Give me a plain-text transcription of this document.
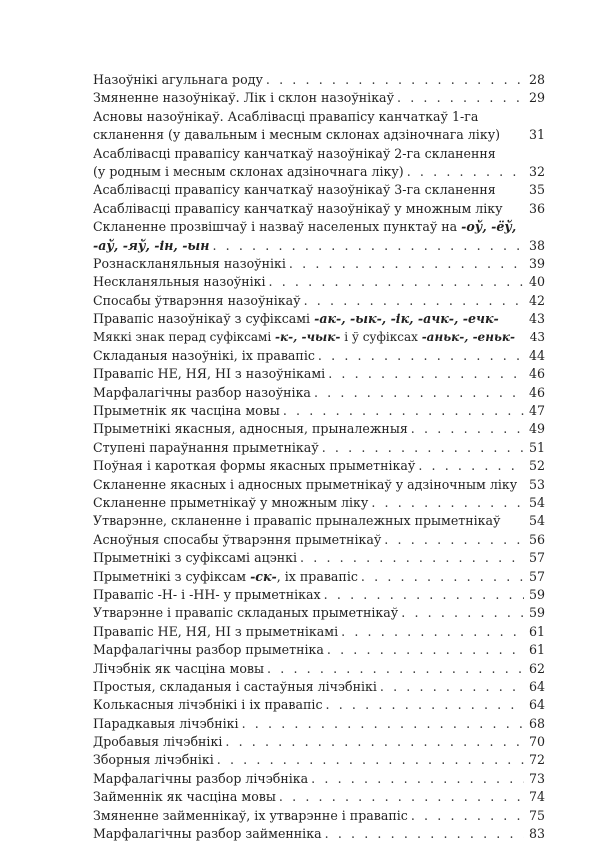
Назоўнікі агульнага роду . . .	28
Змяненне назоўнікаў. Лік і склон назоўнікаў . . .	29
Асновы назоўнікаў. Асаблівасці правапісу канчаткаў 1-га
скланення (у давальным і месным склонах адзіночнага ліку) 31
Асаблівасці правапісу канчаткаў назоўнікаў 2-га скланення
(у родным і месным склонах адзіночнага ліку) . . .	32
Асаблівасці правапісу канчаткаў назоўнікаў 3-га скланення	35
Асаблівасці правапісу канчаткаў назоўнікаў у множным ліку 36
Скланенне прозвішчаў і назваў населеных пунктаў на -оў, -ёў,
-аў, -яў, -ін, -ын . . .	38
Рознаскланяльныя назоўнікі . . .	39
Нескланяльныя назоўнікі . . .	40
Спосабы ўтварэння назоўнікаў . . .	42
Правапіс назоўнікаў з суфіксамі -ак-, -ык-, -ік, -ачк-, -ечк- 43
Мяккі знак перад суфіксамі -к-, -чык- і ў суфіксах -аньк-, -еньк- 43
Складаныя назоўнікі, іх правапіс . . .	44
Правапіс НЕ, НЯ, НІ з назоўнікамі . . .	46
Марфалагічны разбор назоўніка . . .	46
Прыметнік як часціна мовы . . .	47
Прыметнікі якасныя, адносныя, прыналежныя . . .	49
Ступені параўнання прыметнікаў . . .	51
Поўная і кароткая формы якасных прыметнікаў . . .	52
Скланенне якасных і адносных прыметнікаў у адзіночным ліку 53
Скланенне прыметнікаў у множным ліку . . .	54
Утварэнне, скланенне і правапіс прыналежных прыметнікаў 54
Асноўныя спосабы ўтварэння прыметнікаў . . .	56
Прыметнікі з суфіксамі ацэнкі . . .	57
Прыметнікі з суфіксам -ск-, іх правапіс . . .	57
Правапіс -Н- і -НН- у прыметніках . . .	59
Утварэнне і правапіс складаных прыметнікаў . . .	59
Правапіс НЕ, НЯ, НІ з прыметнікамі . . .	61
Марфалагічны разбор прыметніка . . .	61
Лічэбнік як часціна мовы . . .	62
Простыя, складаныя і састаўныя лічэбнікі . . .	64
Колькасныя лічэбнікі і іх правапіс . . .	64
Парадкавыя лічэбнікі . . .	68
Дробавыя лічэбнікі . . .	70
Зборныя лічэбнікі . . .	72
Марфалагічны разбор лічэбніка . . .	73
Займеннік як часціна мовы . . .	74
Змяненне займеннікаў, іх утварэнне і правапіс . . .	75
Марфалагічны разбор займенніка . . .	83
